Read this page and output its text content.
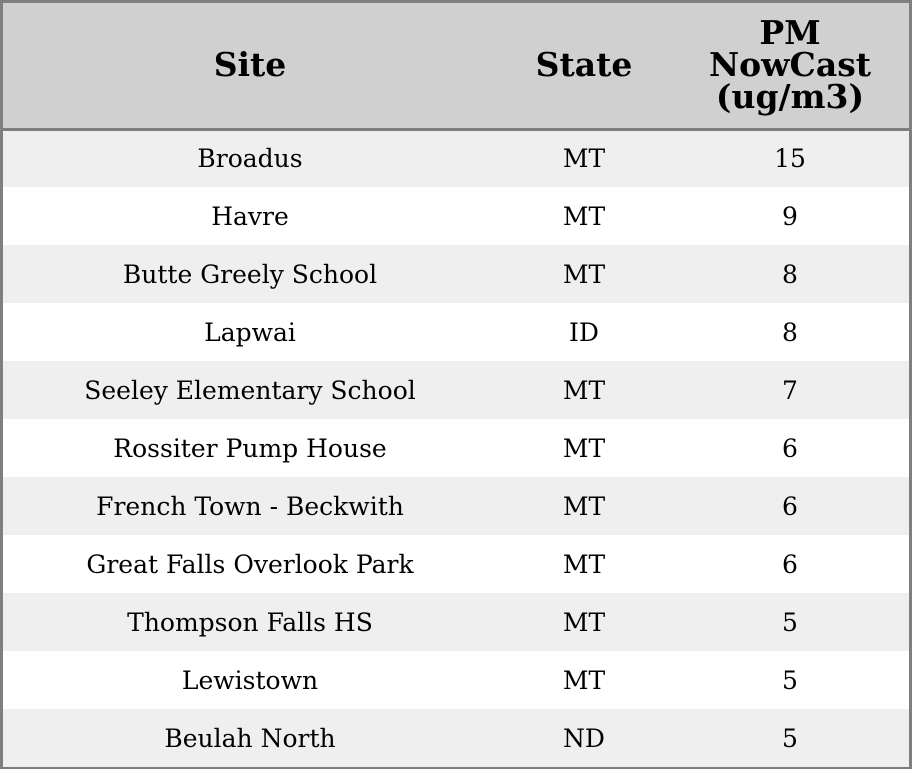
Site	State	PM
NowCast
(ug/m3)

Broadus	MT	15
Havre	MT	9
Butte Greely School	MT	8
Lapwai	ID	8
Seeley Elementary School	MT	7
Rossiter Pump House	MT	6
French Town - Beckwith	MT	6
Great Falls Overlook Park	MT	6
Thompson Falls HS	MT	5
Lewistown	MT	5
Beulah North	ND	5
